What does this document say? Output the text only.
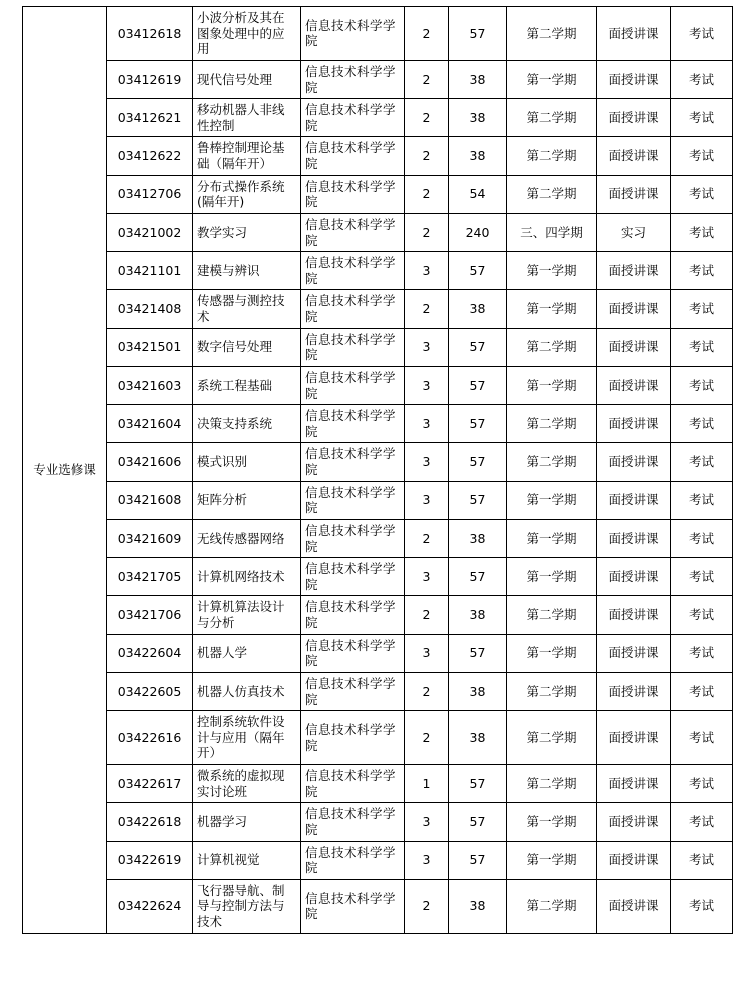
专业选修课	03412618	小波分析及其在图象处理中的应用	信息技术科学学院	2	57	第二学期	面授讲课	考试
	03412619	现代信号处理	信息技术科学学院	2	38	第一学期	面授讲课	考试
	03412621	移动机器人非线性控制	信息技术科学学院	2	38	第二学期	面授讲课	考试
	03412622	鲁棒控制理论基础（隔年开）	信息技术科学学院	2	38	第二学期	面授讲课	考试
	03412706	分布式操作系统(隔年开)	信息技术科学学院	2	54	第二学期	面授讲课	考试
	03421002	教学实习	信息技术科学学院	2	240	三、四学期	实习	考试
	03421101	建模与辨识	信息技术科学学院	3	57	第一学期	面授讲课	考试
	03421408	传感器与测控技术	信息技术科学学院	2	38	第一学期	面授讲课	考试
	03421501	数字信号处理	信息技术科学学院	3	57	第二学期	面授讲课	考试
	03421603	系统工程基础	信息技术科学学院	3	57	第一学期	面授讲课	考试
	03421604	决策支持系统	信息技术科学学院	3	57	第二学期	面授讲课	考试
	03421606	模式识别	信息技术科学学院	3	57	第二学期	面授讲课	考试
	03421608	矩阵分析	信息技术科学学院	3	57	第一学期	面授讲课	考试
	03421609	无线传感器网络	信息技术科学学院	2	38	第一学期	面授讲课	考试
	03421705	计算机网络技术	信息技术科学学院	3	57	第一学期	面授讲课	考试
	03421706	计算机算法设计与分析	信息技术科学学院	2	38	第二学期	面授讲课	考试
	03422604	机器人学	信息技术科学学院	3	57	第一学期	面授讲课	考试
	03422605	机器人仿真技术	信息技术科学学院	2	38	第二学期	面授讲课	考试
	03422616	控制系统软件设计与应用（隔年开）	信息技术科学学院	2	38	第二学期	面授讲课	考试
	03422617	微系统的虚拟现实讨论班	信息技术科学学院	1	57	第二学期	面授讲课	考试
	03422618	机器学习	信息技术科学学院	3	57	第一学期	面授讲课	考试
	03422619	计算机视觉	信息技术科学学院	3	57	第一学期	面授讲课	考试
	03422624	飞行器导航、制导与控制方法与技术	信息技术科学学院	2	38	第二学期	面授讲课	考试
